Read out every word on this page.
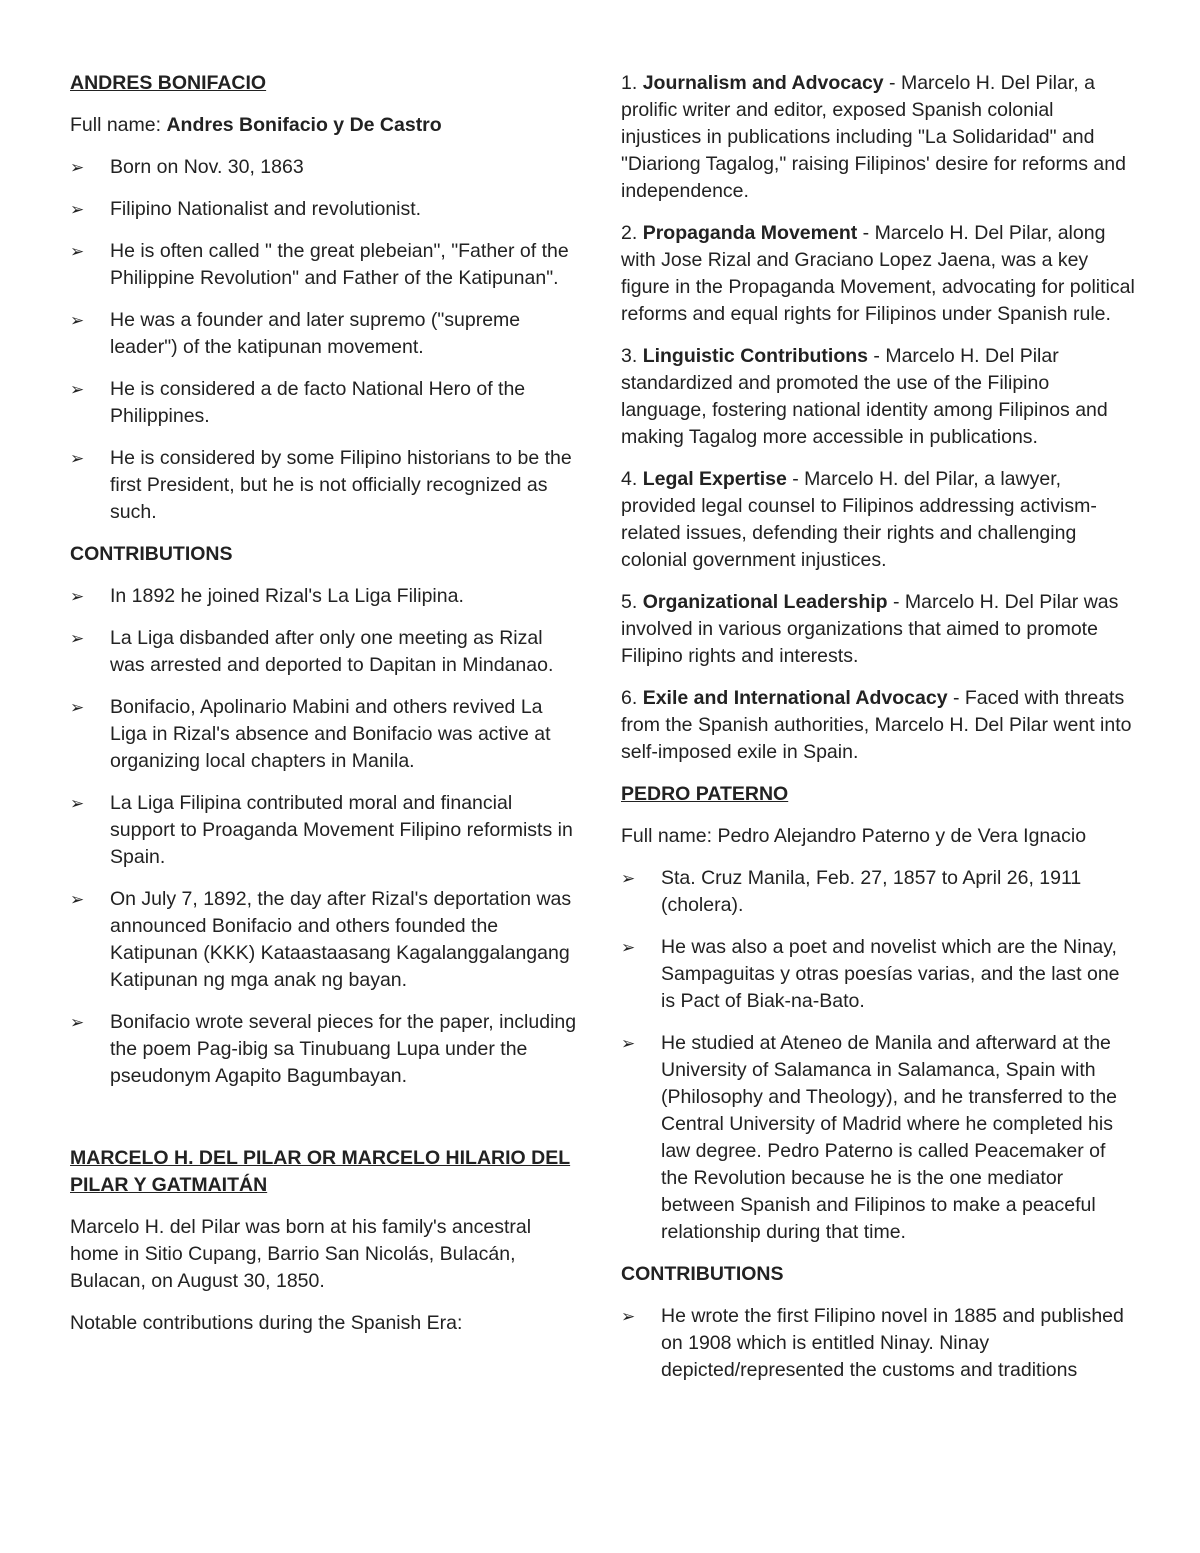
ANDRES BONIFACIO

Full name: Andres Bonifacio y De Castro

➢ Born on Nov. 30, 1863
➢ Filipino Nationalist and revolutionist.
➢ He is often called " the great plebeian", "Father of the Philippine Revolution" and Father of the Katipunan".
➢ He was a founder and later supremo ("supreme leader") of the katipunan movement.
➢ He is considered a de facto National Hero of the Philippines.
➢ He is considered by some Filipino historians to be the first President, but he is not officially recognized as such.
CONTRIBUTIONS
➢ In 1892 he joined Rizal's La Liga Filipina.
➢ La Liga disbanded after only one meeting as Rizal was arrested and deported to Dapitan in Mindanao.
➢ Bonifacio, Apolinario Mabini and others revived La Liga in Rizal's absence and Bonifacio was active at organizing local chapters in Manila.
➢ La Liga Filipina contributed moral and financial support to Proaganda Movement Filipino reformists in Spain.
➢ On July 7, 1892, the day after Rizal's deportation was announced Bonifacio and others founded the Katipunan (KKK) Kataastaasang Kagalanggalangang Katipunan ng mga anak ng bayan.
➢ Bonifacio wrote several pieces for the paper, including the poem Pag-ibig sa Tinubuang Lupa under the pseudonym Agapito Bagumbayan.
MARCELO H. DEL PILAR OR MARCELO HILARIO DEL PILAR Y GATMAITÁN

Marcelo H. del Pilar was born at his family's ancestral home in Sitio Cupang, Barrio San Nicolás, Bulacán, Bulacan, on August 30, 1850.

Notable contributions during the Spanish Era:

1. Journalism and Advocacy - Marcelo H. Del Pilar, a prolific writer and editor, exposed Spanish colonial injustices in publications including "La Solidaridad" and "Diariong Tagalog," raising Filipinos' desire for reforms and independence.

2. Propaganda Movement - Marcelo H. Del Pilar, along with Jose Rizal and Graciano Lopez Jaena, was a key figure in the Propaganda Movement, advocating for political reforms and equal rights for Filipinos under Spanish rule.

3. Linguistic Contributions - Marcelo H. Del Pilar standardized and promoted the use of the Filipino language, fostering national identity among Filipinos and making Tagalog more accessible in publications.

4. Legal Expertise - Marcelo H. del Pilar, a lawyer, provided legal counsel to Filipinos addressing activism-related issues, defending their rights and challenging colonial government injustices.

5. Organizational Leadership - Marcelo H. Del Pilar was involved in various organizations that aimed to promote Filipino rights and interests.

6. Exile and International Advocacy - Faced with threats from the Spanish authorities, Marcelo H. Del Pilar went into self-imposed exile in Spain.

PEDRO PATERNO

Full name: Pedro Alejandro Paterno y de Vera Ignacio

➢ Sta. Cruz Manila, Feb. 27, 1857 to April 26, 1911 (cholera).
➢ He was also a poet and novelist which are the Ninay, Sampaguitas y otras poesías varias, and the last one is Pact of Biak-na-Bato.
➢ He studied at Ateneo de Manila and afterward at the University of Salamanca in Salamanca, Spain with (Philosophy and Theology), and he transferred to the Central University of Madrid where he completed his law degree. Pedro Paterno is called Peacemaker of the Revolution because he is the one mediator between Spanish and Filipinos to make a peaceful relationship during that time.
CONTRIBUTIONS
➢ He wrote the first Filipino novel in 1885 and published on 1908 which is entitled Ninay. Ninay depicted/represented the customs and traditions
